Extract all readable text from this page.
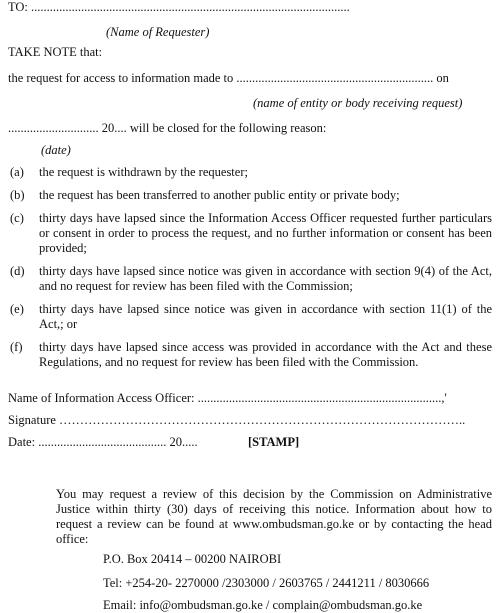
TO: ......................................................................................................
(Name of Requester)
TAKE NOTE that:
the request for access to information made to ............................................................... on
(name of entity or body receiving request)
............................. 20.... will be closed for the following reason:
(date)
(a) the request is withdrawn by the requester;
(b) the request has been transferred to another public entity or private body;
(c) thirty days have lapsed since the Information Access Officer requested further particulars or consent in order to process the request, and no further information or consent has been provided;
(d) thirty days have lapsed since notice was given in accordance with section 9(4) of the Act, and no request for review has been filed with the Commission;
(e) thirty days have lapsed since notice was given in accordance with section 11(1) of the Act,; or
(f) thirty days have lapsed since access was provided in accordance with the Act and these Regulations, and no request for review has been filed with the Commission.
Name of Information Access Officer: ..............................................................................,'
Signature ……………………………………………………………………………………..
Date: ......................................... 20.....	[STAMP]
You may request a review of this decision by the Commission on Administrative Justice within thirty (30) days of receiving this notice. Information about how to request a review can be found at www.ombudsman.go.ke or by contacting the head office:
P.O. Box 20414 – 00200 NAIROBI
Tel: +254-20- 2270000 /2303000 / 2603765 / 2441211 / 8030666
Email: info@ombudsman.go.ke / complain@ombudsman.go.ke
